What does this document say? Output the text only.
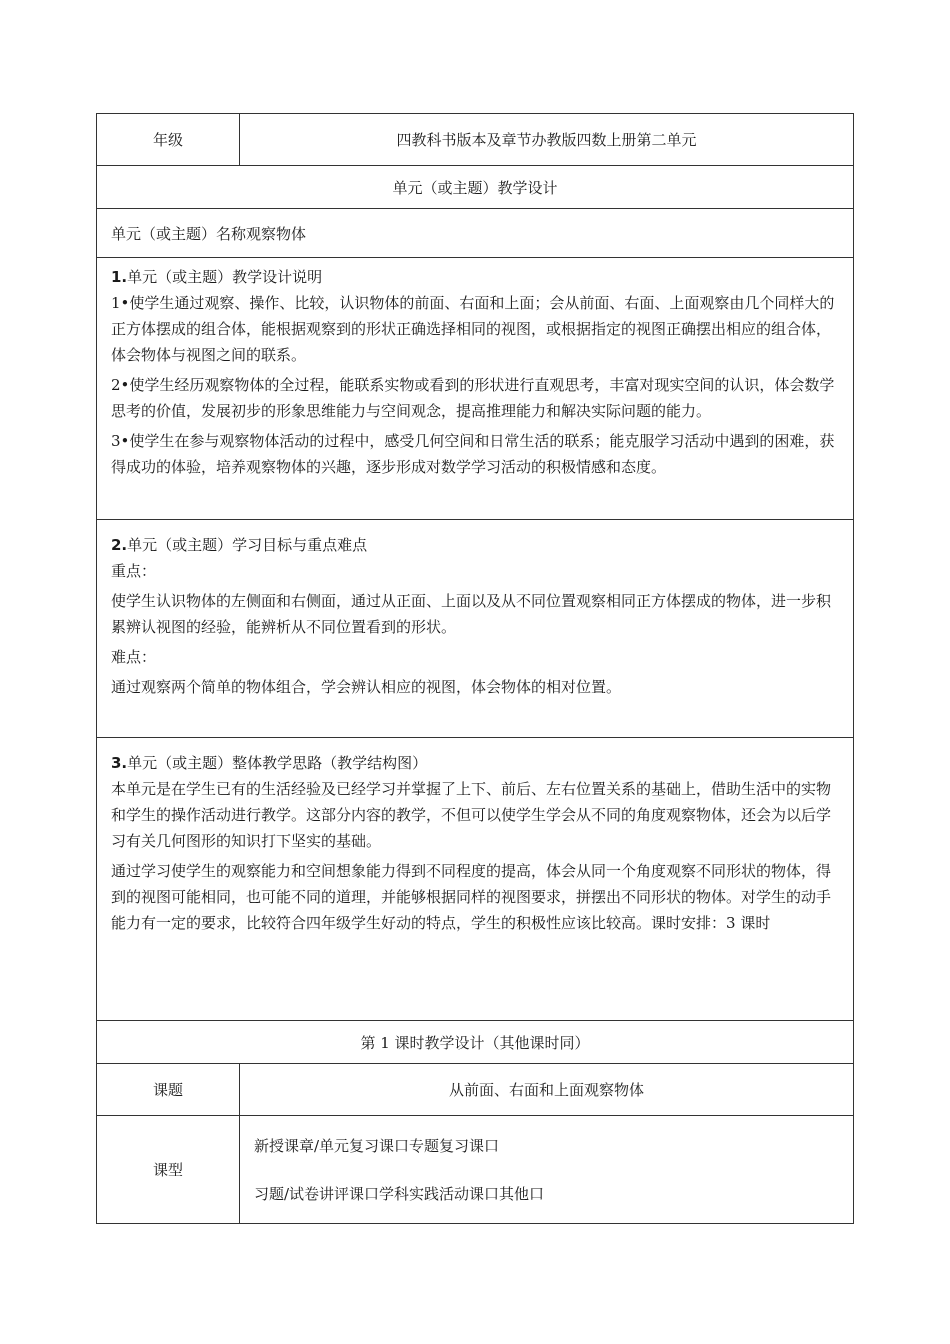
年级	四教科书版本及章节办教版四数上册第二单元
单元（或主题）教学设计	
单元（或主题）名称观察物体	

1.单元（或主题）教学设计说明

1•使学生通过观察、操作、比较，认识物体的前面、右面和上面；会从前面、右面、上面观察由几个同样大的正方体摆成的组合体，能根据观察到的形状正确选择相同的视图，或根据指定的视图正确摆出相应的组合体，体会物体与视图之间的联系。

2•使学生经历观察物体的全过程，能联系实物或看到的形状进行直观思考，丰富对现实空间的认识，体会数学思考的价值，发展初步的形象思维能力与空间观念，提高推理能力和解决实际问题的能力。

3•使学生在参与观察物体活动的过程中，感受几何空间和日常生活的联系；能克服学习活动中遇到的困难，获得成功的体验，培养观察物体的兴趣，逐步形成对数学学习活动的积极情感和态度。	

2.单元（或主题）学习目标与重点难点

重点：

使学生认识物体的左侧面和右侧面，通过从正面、上面以及从不同位置观察相同正方体摆成的物体，进一步积累辨认视图的经验，能辨析从不同位置看到的形状。

难点：

通过观察两个简单的物体组合，学会辨认相应的视图，体会物体的相对位置。	

3.单元（或主题）整体教学思路（教学结构图）

本单元是在学生已有的生活经验及已经学习并掌握了上下、前后、左右位置关系的基础上，借助生活中的实物和学生的操作活动进行教学。这部分内容的教学，不但可以使学生学会从不同的角度观察物体，还会为以后学习有关几何图形的知识打下坚实的基础。

通过学习使学生的观察能力和空间想象能力得到不同程度的提高，体会从同一个角度观察不同形状的物体，得到的视图可能相同，也可能不同的道理，并能够根据同样的视图要求，拼摆出不同形状的物体。对学生的动手能力有一定的要求，比较符合四年级学生好动的特点，学生的积极性应该比较高。课时安排：3 课时	

第 1 课时教学设计（其他课时同）	
课题	从前面、右面和上面观察物体
课型	新授课章/单元复习课口专题复习课口

习题/试卷讲评课口学科实践活动课口其他口
